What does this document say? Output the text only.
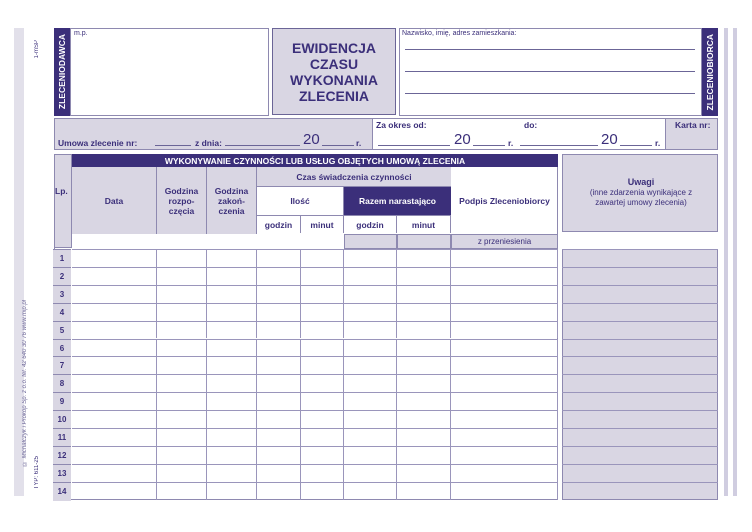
1-mSP
TYP: 611-25
© Michalczyk i Prokop Sp. z o.o. tel. 42 640 30 76 www.mip.pl
ZLECENIODAWCA
m.p.
EWIDENCJA
CZASU
WYKONANIA
ZLECENIA
Nazwisko, imię, adres zamieszkania:
ZLECENIOBIORCA
Umowa zlecenie nr:	z dnia:	20	r.
Za okres od:	do:
20	r.	20	r.
Karta nr:
Lp.
WYKONYWANIE CZYNNOŚCI LUB USŁUG OBJĘTYCH UMOWĄ ZLECENIA
Data
Godzina rozpo-częcia
Godzina zakoń-czenia
Czas świadczenia czynności
Ilość	Razem narastająco
godzin minut	godzin	minut
Podpis Zleceniobiorcy
z przeniesienia
Uwagi
(inne zdarzenia wynikające z zawartej umowy zlecenia)
1
2
3
4
5
6
7
8
9
10
11
12
13
14
